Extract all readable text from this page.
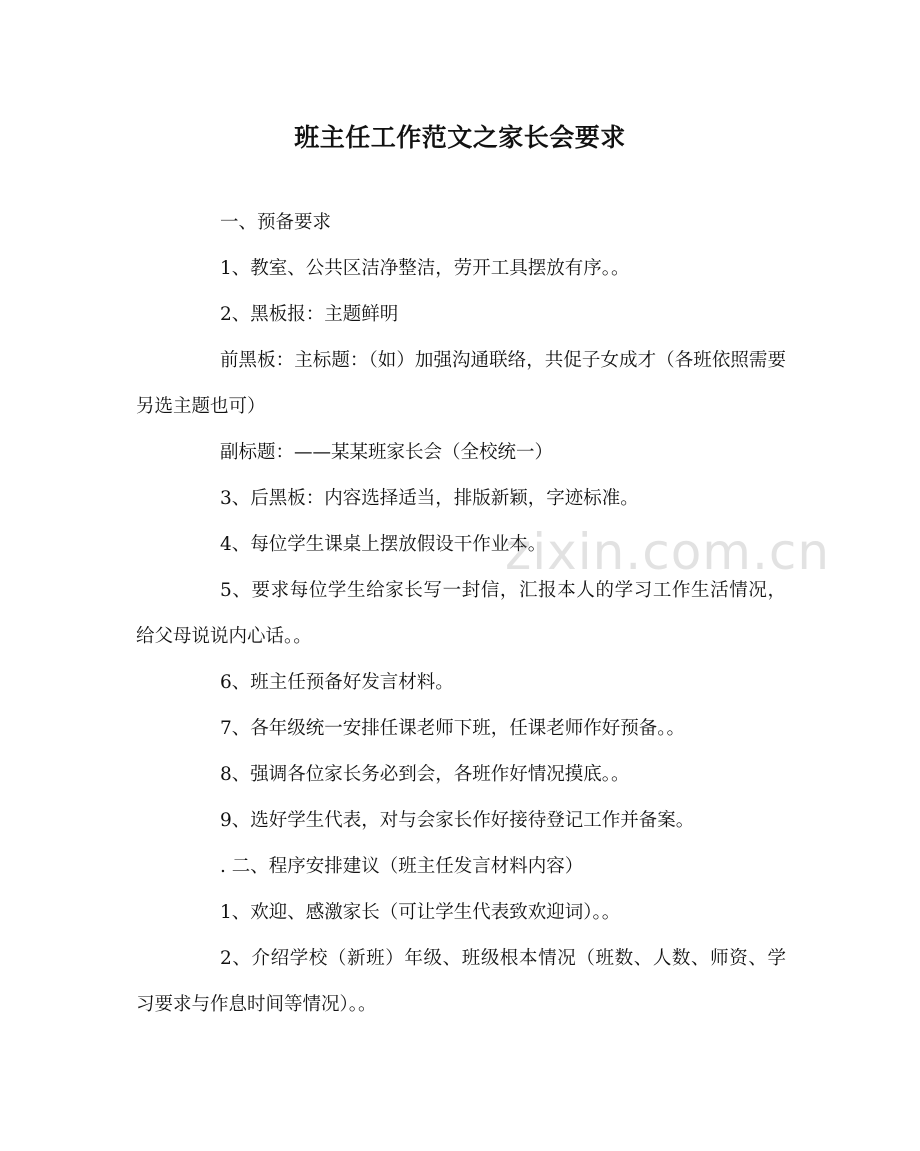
班主任工作范文之家长会要求

一、预备要求

1、教室、公共区洁净整洁，劳开工具摆放有序。。

2、黑板报：主题鲜明

前黑板：主标题：（如）加强沟通联络，共促子女成才（各班依照需要另选主题也可）

副标题：——某某班家长会（全校统一）

3、后黑板：内容选择适当，排版新颖，字迹标准。

4、每位学生课桌上摆放假设干作业本。

5、要求每位学生给家长写一封信，汇报本人的学习工作生活情况，给父母说说内心话。。

6、班主任预备好发言材料。

7、各年级统一安排任课老师下班，任课老师作好预备。。

8、强调各位家长务必到会，各班作好情况摸底。。

9、选好学生代表，对与会家长作好接待登记工作并备案。

. 二、程序安排建议（班主任发言材料内容）

1、欢迎、感激家长（可让学生代表致欢迎词）。。

2、介绍学校（新班）年级、班级根本情况（班数、人数、师资、学习要求与作息时间等情况）。。

zixin.com.cn
